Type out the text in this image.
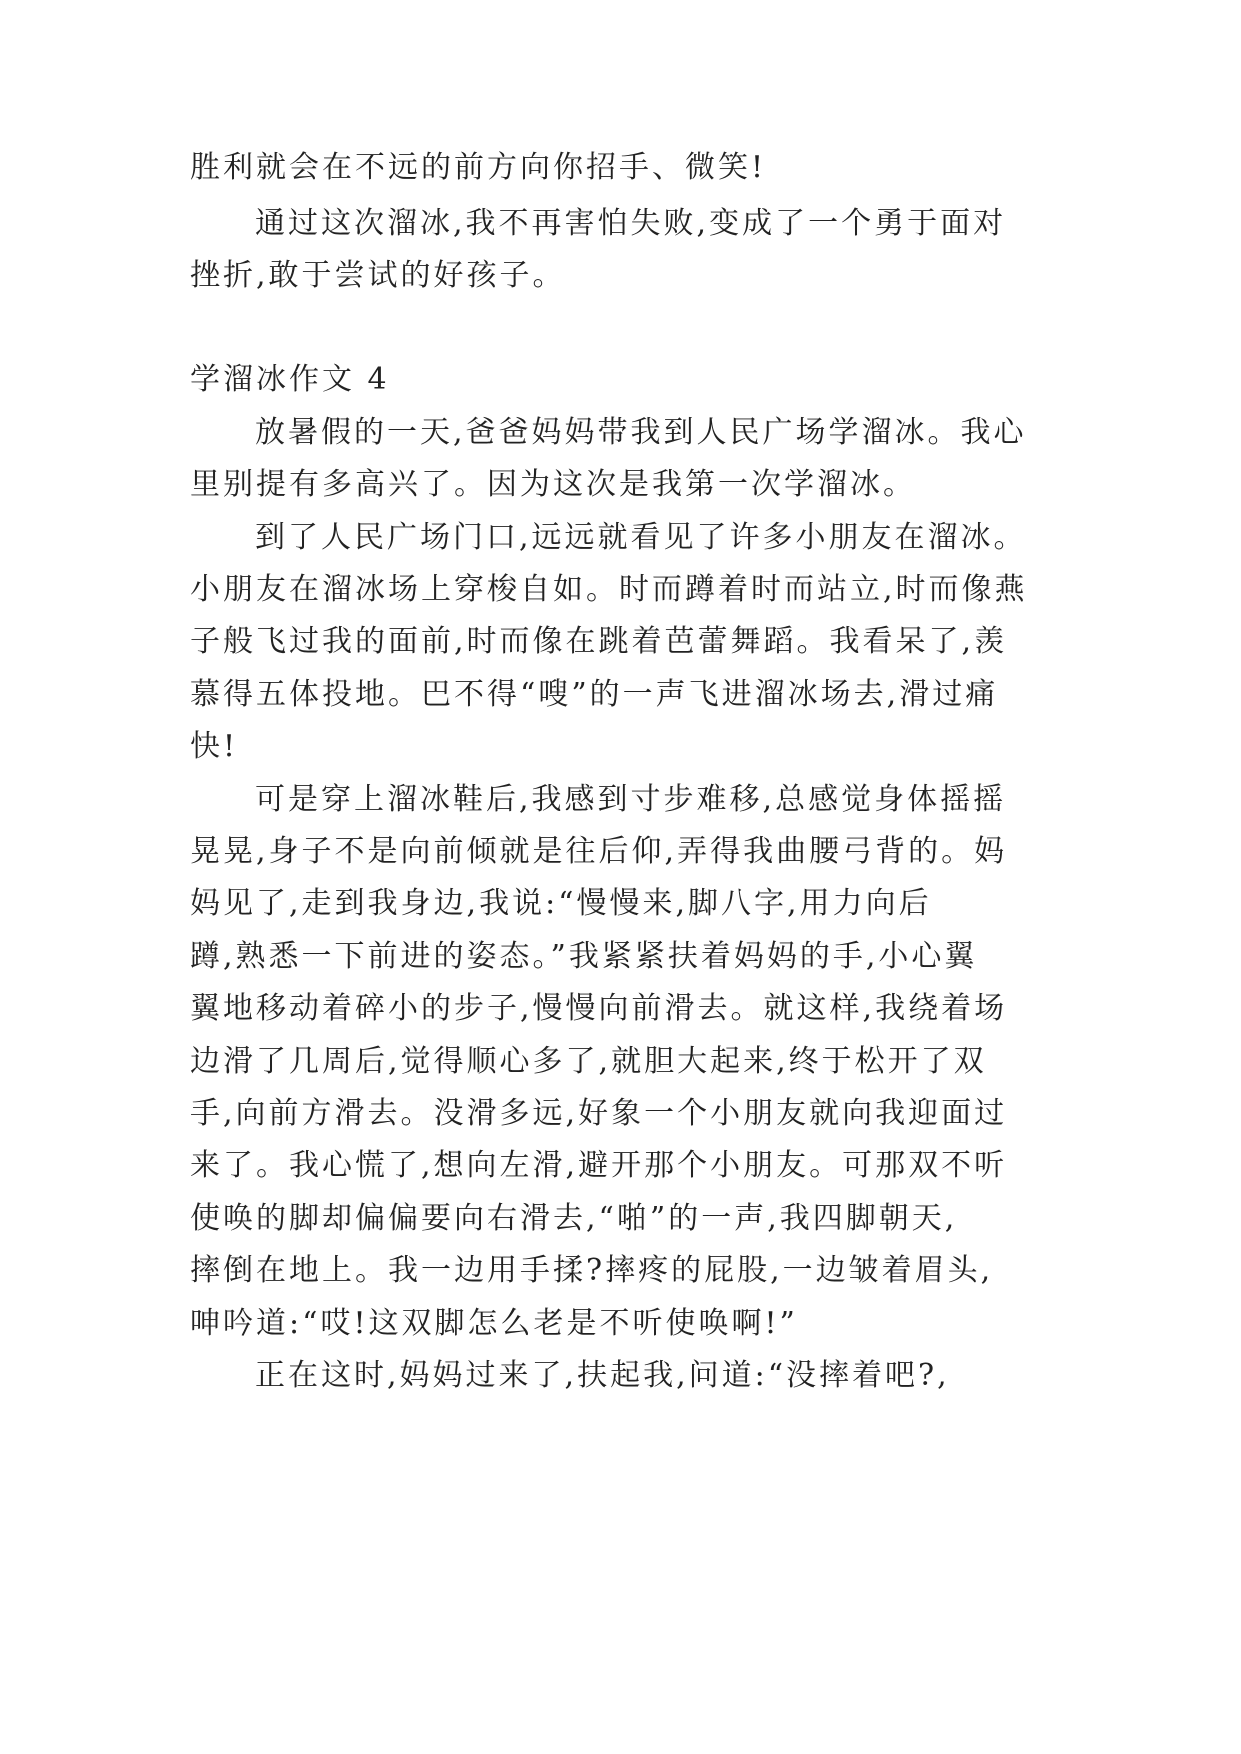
胜利就会在不远的前方向你招手、微笑!
通过这次溜冰,我不再害怕失败,变成了一个勇于面对
挫折,敢于尝试的好孩子。
学溜冰作文 4
放暑假的一天,爸爸妈妈带我到人民广场学溜冰。我心
里别提有多高兴了。因为这次是我第一次学溜冰。
到了人民广场门口,远远就看见了许多小朋友在溜冰。
小朋友在溜冰场上穿梭自如。时而蹲着时而站立,时而像燕
子般飞过我的面前,时而像在跳着芭蕾舞蹈。我看呆了,羡
慕得五体投地。巴不得“嗖”的一声飞进溜冰场去,滑过痛
快!
可是穿上溜冰鞋后,我感到寸步难移,总感觉身体摇摇
晃晃,身子不是向前倾就是往后仰,弄得我曲腰弓背的。妈
妈见了,走到我身边,我说:“慢慢来,脚八字,用力向后
蹲,熟悉一下前进的姿态。”我紧紧扶着妈妈的手,小心翼
翼地移动着碎小的步子,慢慢向前滑去。就这样,我绕着场
边滑了几周后,觉得顺心多了,就胆大起来,终于松开了双
手,向前方滑去。没滑多远,好象一个小朋友就向我迎面过
来了。我心慌了,想向左滑,避开那个小朋友。可那双不听
使唤的脚却偏偏要向右滑去,“啪”的一声,我四脚朝天,
摔倒在地上。我一边用手揉?摔疼的屁股,一边皱着眉头,
呻吟道:“哎!这双脚怎么老是不听使唤啊!”
正在这时,妈妈过来了,扶起我,问道:“没摔着吧?,
